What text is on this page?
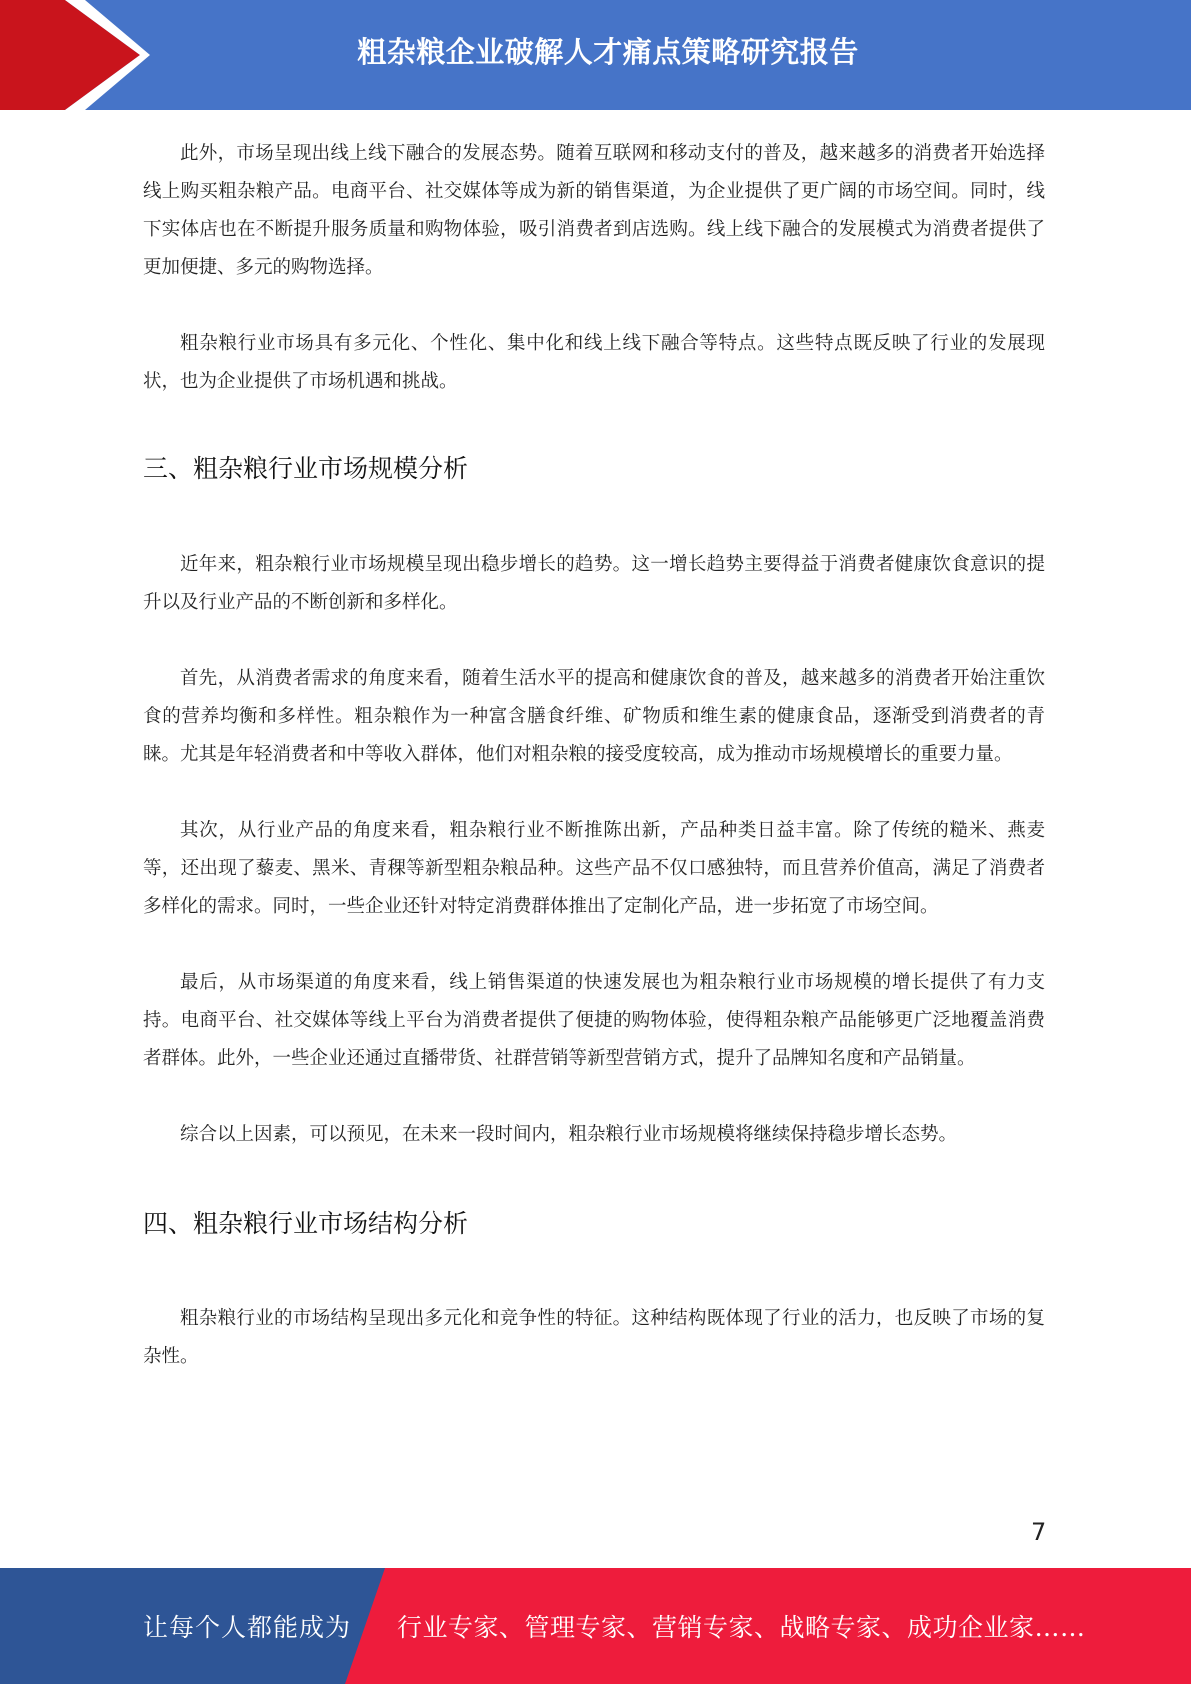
粗杂粮企业破解人才痛点策略研究报告

此外，市场呈现出线上线下融合的发展态势。随着互联网和移动支付的普及，越来越多的消费者开始选择线上购买粗杂粮产品。电商平台、社交媒体等成为新的销售渠道，为企业提供了更广阔的市场空间。同时，线下实体店也在不断提升服务质量和购物体验，吸引消费者到店选购。线上线下融合的发展模式为消费者提供了更加便捷、多元的购物选择。

粗杂粮行业市场具有多元化、个性化、集中化和线上线下融合等特点。这些特点既反映了行业的发展现状，也为企业提供了市场机遇和挑战。

三、粗杂粮行业市场规模分析

近年来，粗杂粮行业市场规模呈现出稳步增长的趋势。这一增长趋势主要得益于消费者健康饮食意识的提升以及行业产品的不断创新和多样化。

首先，从消费者需求的角度来看，随着生活水平的提高和健康饮食的普及，越来越多的消费者开始注重饮食的营养均衡和多样性。粗杂粮作为一种富含膳食纤维、矿物质和维生素的健康食品，逐渐受到消费者的青睐。尤其是年轻消费者和中等收入群体，他们对粗杂粮的接受度较高，成为推动市场规模增长的重要力量。

其次，从行业产品的角度来看，粗杂粮行业不断推陈出新，产品种类日益丰富。除了传统的糙米、燕麦等，还出现了藜麦、黑米、青稞等新型粗杂粮品种。这些产品不仅口感独特，而且营养价值高，满足了消费者多样化的需求。同时，一些企业还针对特定消费群体推出了定制化产品，进一步拓宽了市场空间。

最后，从市场渠道的角度来看，线上销售渠道的快速发展也为粗杂粮行业市场规模的增长提供了有力支持。电商平台、社交媒体等线上平台为消费者提供了便捷的购物体验，使得粗杂粮产品能够更广泛地覆盖消费者群体。此外，一些企业还通过直播带货、社群营销等新型营销方式，提升了品牌知名度和产品销量。

综合以上因素，可以预见，在未来一段时间内，粗杂粮行业市场规模将继续保持稳步增长态势。

四、粗杂粮行业市场结构分析

粗杂粮行业的市场结构呈现出多元化和竞争性的特征。这种结构既体现了行业的活力，也反映了市场的复杂性。

7
让每个人都能成为 行业专家、管理专家、营销专家、战略专家、成功企业家……
